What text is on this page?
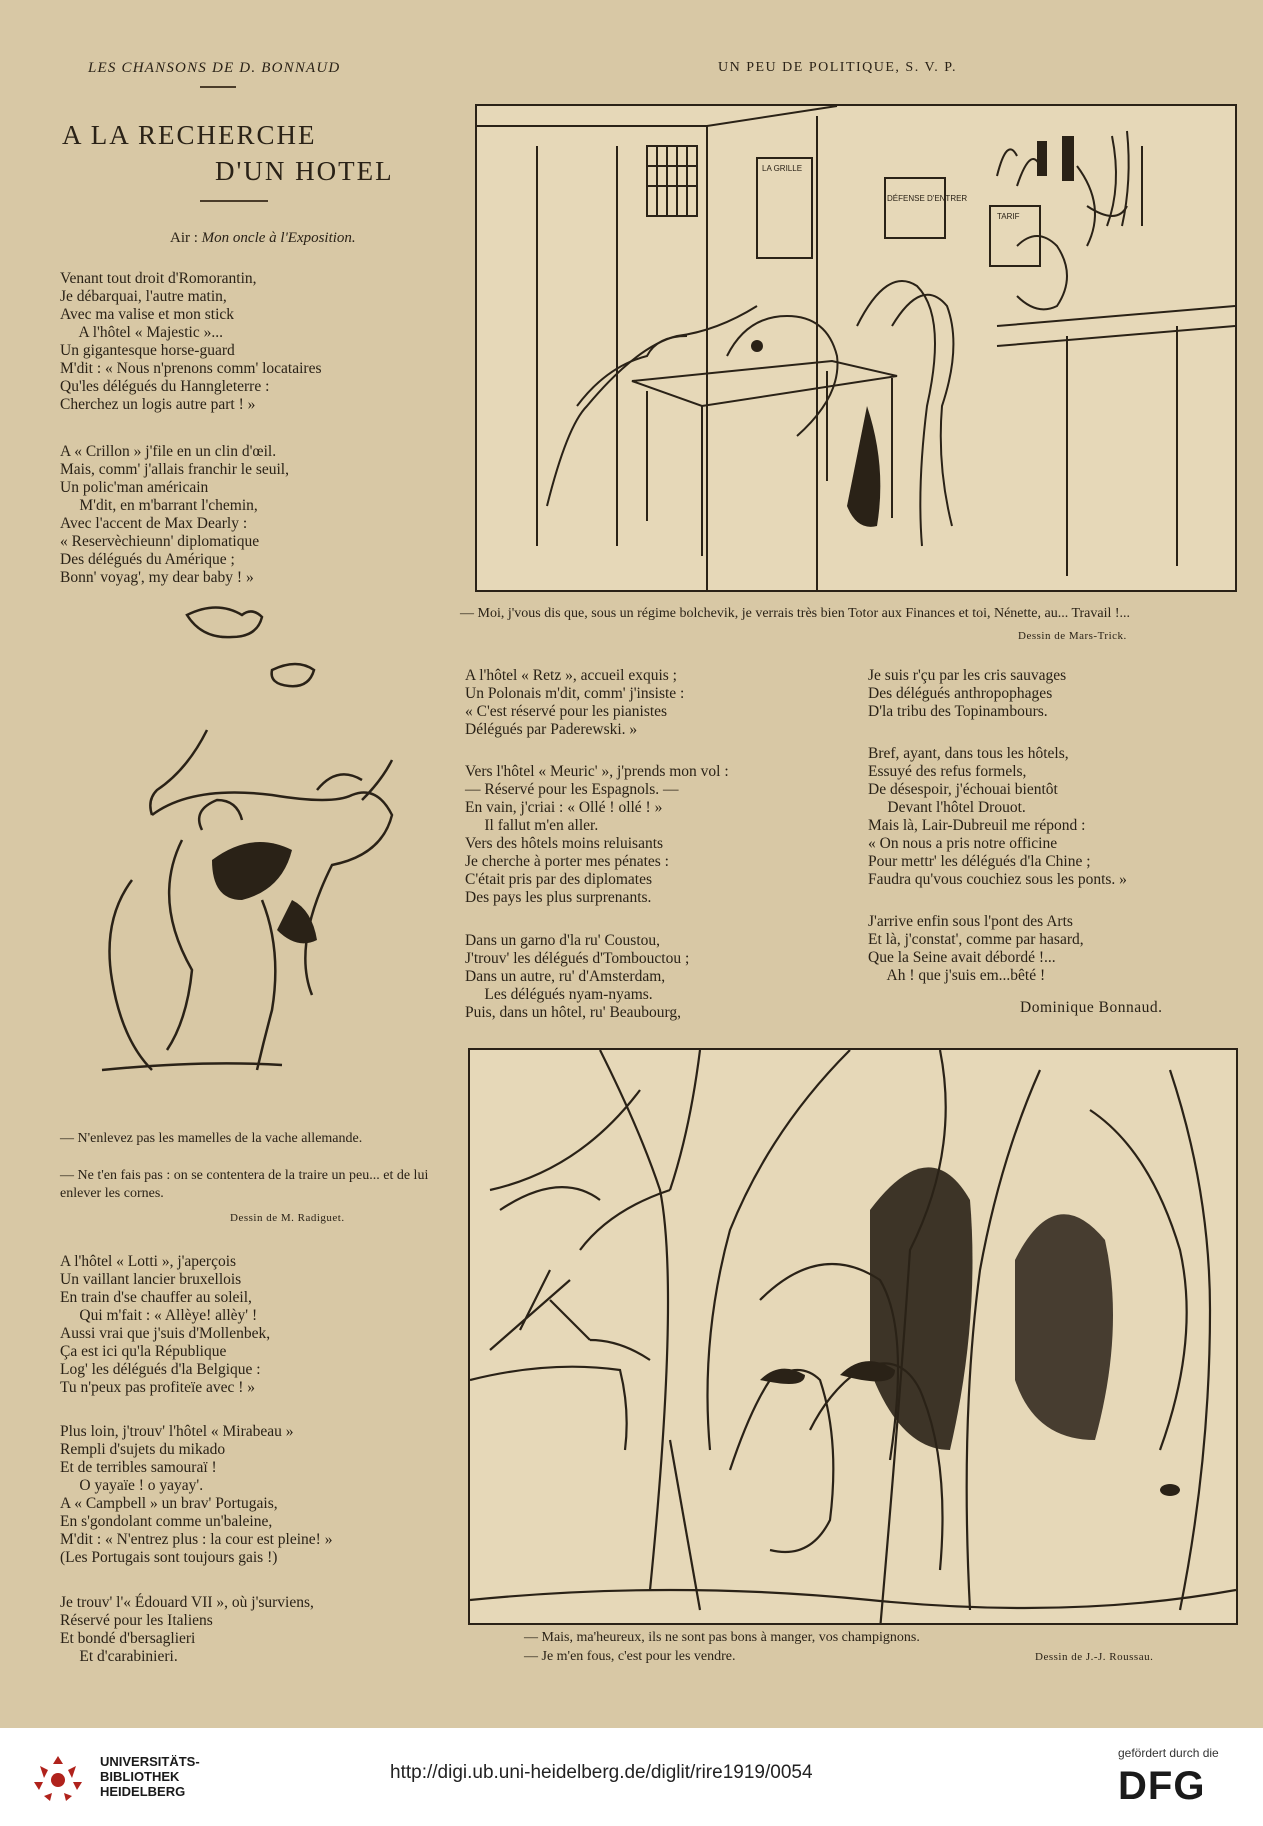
LES CHANSONS DE D. BONNAUD	UN PEU DE POLITIQUE, S. V. P.
A LA RECHERCHE
D'UN HOTEL
Air : Mon oncle à l'Exposition.
Venant tout droit d'Romorantin,
Je débarquai, l'autre matin,
Avec ma valise et mon stick
A l'hôtel « Majestic »...
Un gigantesque horse-guard
M'dit : « Nous n'prenons comm' locataires
Qu'les délégués du Hanngleterre :
Cherchez un logis autre part ! »
A « Crillon » j'file en un clin d'œil.
Mais, comm' j'allais franchir le seuil,
Un polic'man américain
M'dit, en m'barrant l'chemin,
Avec l'accent de Max Dearly :
« Reservèchieunn' diplomatique
Des délégués du Amérique ;
Bonn' voyag', my dear baby ! »
— N'enlevez pas les mamelles de la vache allemande.
— Ne t'en fais pas : on se contentera de la traire un peu... et de lui enlever les cornes.
Dessin de M. Radiguet.
A l'hôtel « Lotti », j'aperçois
Un vaillant lancier bruxellois
En train d'se chauffer au soleil,
Qui m'fait : « Allèye! allèy' !
Aussi vrai que j'suis d'Mollenbek,
Ça est ici qu'la République
Log' les délégués d'la Belgique :
Tu n'peux pas profiteïe avec ! »
Plus loin, j'trouv' l'hôtel « Mirabeau »
Rempli d'sujets du mikado
Et de terribles samouraï !
O yayaïe ! o yayay'.
A « Campbell » un brav' Portugais,
En s'gondolant comme un'baleine,
M'dit : « N'entrez plus : la cour est pleine! »
(Les Portugais sont toujours gais !)
Je trouv' l'« Édouard VII », où j'surviens,
Réservé pour les Italiens
Et bondé d'bersaglieri
Et d'carabinieri.
LA GRILLE
DÉFENSE D'ENTRER
TARIF
— Moi, j'vous dis que, sous un régime bolchevik, je verrais très bien Totor aux Finances et toi, Nénette, au... Travail !...
Dessin de Mars-Trick.
A l'hôtel « Retz », accueil exquis ;
Un Polonais m'dit, comm' j'insiste :
« C'est réservé pour les pianistes
Délégués par Paderewski. »
Vers l'hôtel « Meuric' », j'prends mon vol :
— Réservé pour les Espagnols. —
En vain, j'criai : « Ollé ! ollé ! »
Il fallut m'en aller.
Vers des hôtels moins reluisants
Je cherche à porter mes pénates :
C'était pris par des diplomates
Des pays les plus surprenants.
Dans un garno d'la ru' Coustou,
J'trouv' les délégués d'Tombouctou ;
Dans un autre, ru' d'Amsterdam,
Les délégués nyam-nyams.
Puis, dans un hôtel, ru' Beaubourg,
Je suis r'çu par les cris sauvages
Des délégués anthropophages
D'la tribu des Topinambours.
Bref, ayant, dans tous les hôtels,
Essuyé des refus formels,
De désespoir, j'échouai bientôt
Devant l'hôtel Drouot.
Mais là, Lair-Dubreuil me répond :
« On nous a pris notre officine
Pour mettr' les délégués d'la Chine ;
Faudra qu'vous couchiez sous les ponts. »
J'arrive enfin sous l'pont des Arts
Et là, j'constat', comme par hasard,
Que la Seine avait débordé !...
Ah ! que j'suis em...bêté !
Dominique Bonnaud.
— Mais, ma'heureux, ils ne sont pas bons à manger, vos champignons.
— Je m'en fous, c'est pour les vendre.	Dessin de J.-J. Roussau.
UNIVERSITÄTS-
BIBLIOTHEK
HEIDELBERG
http://digi.ub.uni-heidelberg.de/diglit/rire1919/0054
gefördert durch die
DFG
